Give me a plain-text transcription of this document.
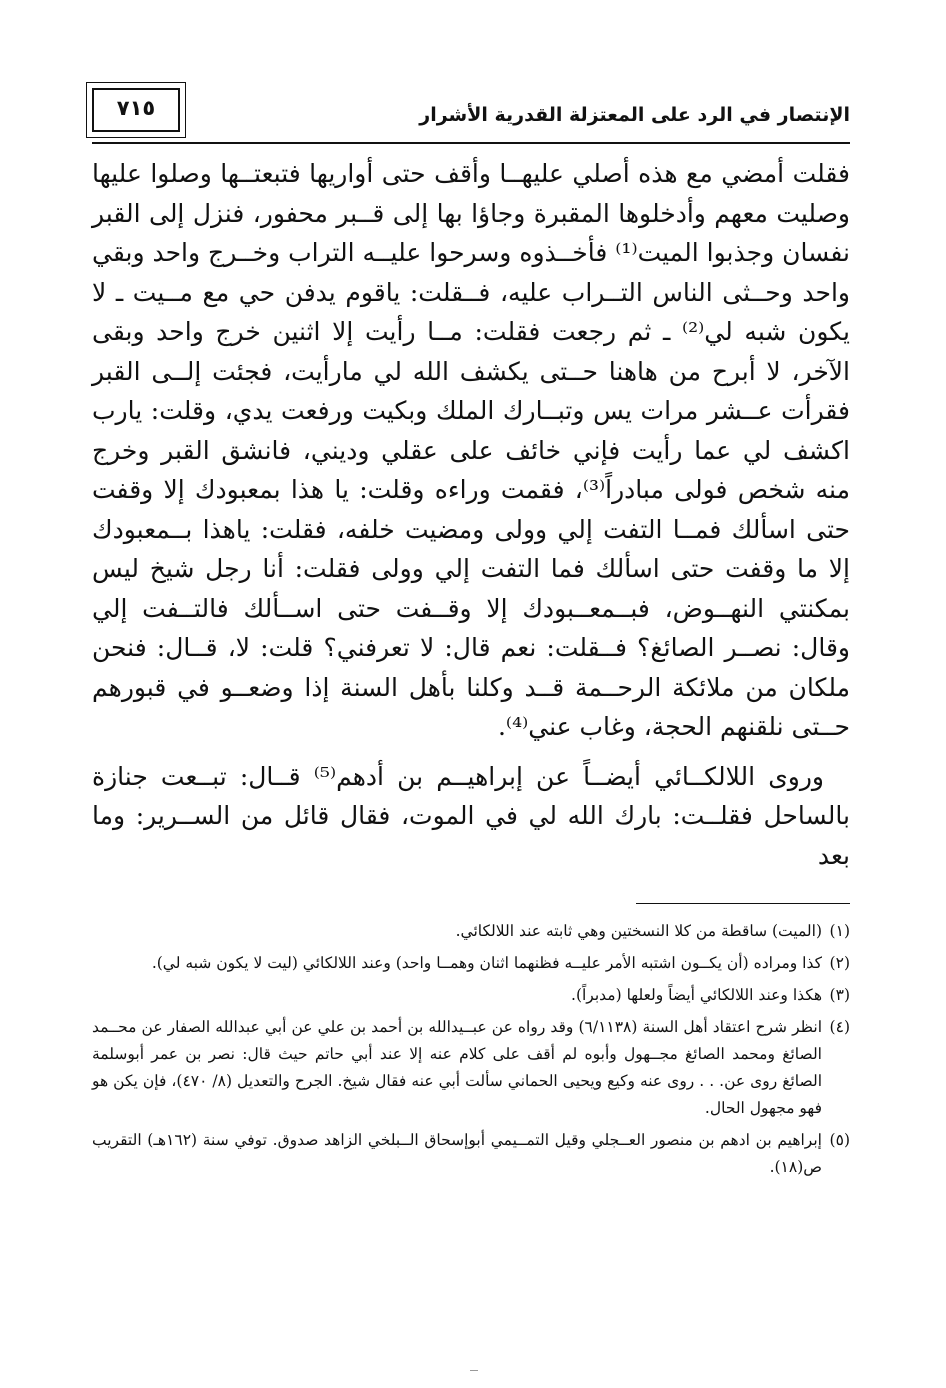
٧١٥	الإنتصار في الرد على المعتزلة القدرية الأشرار

فقلت أمضي مع هذه أصلي عليهــا وأقف حتى أواريها فتبعتــها وصلوا عليها وصليت معهم وأدخلوها المقبرة وجاؤا بها إلى قــبر محفور، فنزل إلى القبر نفسان وجذبوا الميت⁽¹⁾ فأخــذوه وسرحوا عليــه التراب وخــرج واحد وبقي واحد وحــثى الناس التــراب عليه، فــقلت: ياقوم يدفن حي مع مــيت ـ لا يكون شبه لي⁽²⁾ ـ ثم رجعت فقلت: مــا رأيت إلا اثنين خرج واحد وبقى الآخر، لا أبرح من هاهنا حــتى يكشف الله لي مارأيت، فجئت إلــى القبر فقرأت عــشر مرات يس وتبــارك الملك وبكيت ورفعت يدي، وقلت: يارب اكشف لي عما رأيت فإني خائف على عقلي وديني، فانشق القبر وخرج منه شخص فولى مبادراً⁽³⁾، فقمت وراءه وقلت: يا هذا بمعبودك إلا وقفت حتى اسألك فمــا التفت إلي وولى ومضيت خلفه، فقلت: ياهذا بــمعبودك إلا ما وقفت حتى اسألك فما التفت إلي وولى فقلت: أنا رجل شيخ ليس بمكنتي النهــوض، فبــمعــبودك إلا وقــفت حتى اســألك فالتــفت إلي وقال: نصــر الصائغ؟ فــقلت: نعم قال: لا تعرفني؟ قلت: لا، قــال: فنحن ملكان من ملائكة الرحــمة قــد وكلنا بأهل السنة إذا وضعــو في قبورهم حــتى نلقنهم الحجة، وغاب عني⁽⁴⁾.

وروى اللالكــائي أيضــاً عن إبراهيــم بن أدهم⁽⁵⁾ قــال: تبــعت جنازة بالساحل فقلــت: بارك الله لي في الموت، فقال قائل من الســرير: وما بعد

(١)
(الميت) ساقطة من كلا النسختين وهي ثابته عند اللالكائي.
(٢)
كذا ومراده (أن يكــون اشتبه الأمر عليــه فظنهما اثنان وهمــا واحد) وعند اللالكائي (ليت لا يكون شبه لي).
(٣)
هكذا وعند اللالكائي أيضاً ولعلها (مدبراً).
(٤)
انظر شرح اعتقاد أهل السنة (٦/١١٣٨) وقد رواه عن عبــيدالله بن أحمد بن علي عن أبي عبدالله الصفار عن محــمد الصائغ ومحمد الصائغ مجــهول وأبوه لم أقف على كلام عنه إلا عند أبي حاتم حيث قال: نصر بن عمر أبوسلمة الصائغ روى عن. . . روى عنه وكيع ويحيى الحماني سألت أبي عنه فقال شيخ. الجرح والتعديل (٨/ ٤٧٠)، فإن يكن هو فهو مجهول الحال.
(٥)
إبراهيم بن ادهم بن منصور العــجلي وقيل التمــيمي أبوإسحاق الــبلخي الزاهد صدوق. توفي سنة (١٦٢هـ) التقريب ص(١٨).
